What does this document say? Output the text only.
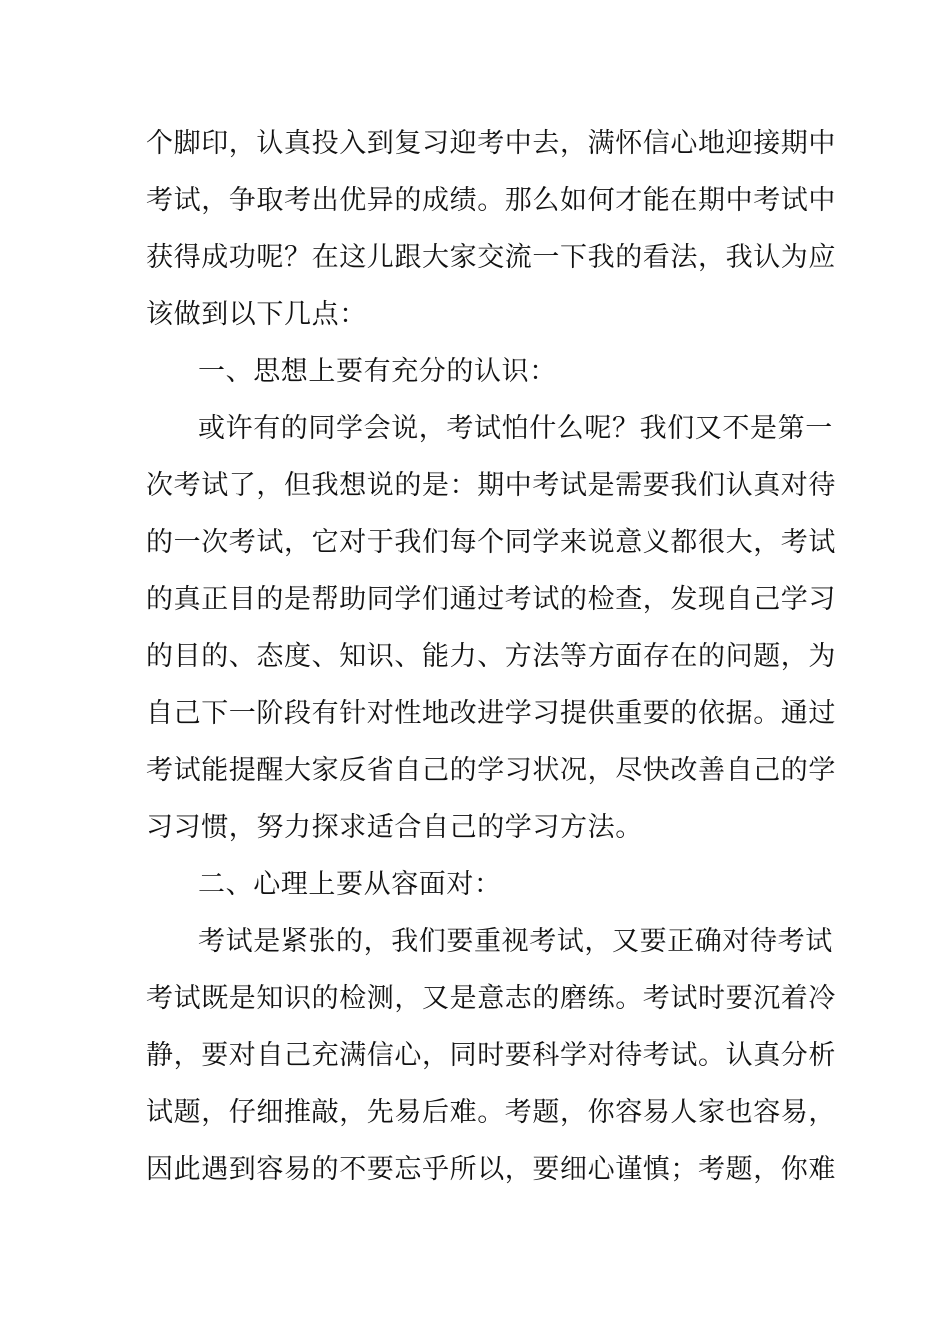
个脚印，认真投入到复习迎考中去，满怀信心地迎接期中
考试，争取考出优异的成绩。那么如何才能在期中考试中
获得成功呢？在这儿跟大家交流一下我的看法，我认为应
该做到以下几点：
一、思想上要有充分的认识：
或许有的同学会说，考试怕什么呢？我们又不是第一
次考试了，但我想说的是：期中考试是需要我们认真对待
的一次考试，它对于我们每个同学来说意义都很大，考试
的真正目的是帮助同学们通过考试的检查，发现自己学习
的目的、态度、知识、能力、方法等方面存在的问题，为
自己下一阶段有针对性地改进学习提供重要的依据。通过
考试能提醒大家反省自己的学习状况，尽快改善自己的学
习习惯，努力探求适合自己的学习方法。
二、心理上要从容面对：
考试是紧张的，我们要重视考试，又要正确对待考试
考试既是知识的检测，又是意志的磨练。考试时要沉着冷
静，要对自己充满信心，同时要科学对待考试。认真分析
试题，仔细推敲，先易后难。考题，你容易人家也容易，
因此遇到容易的不要忘乎所以，要细心谨慎；考题，你难
